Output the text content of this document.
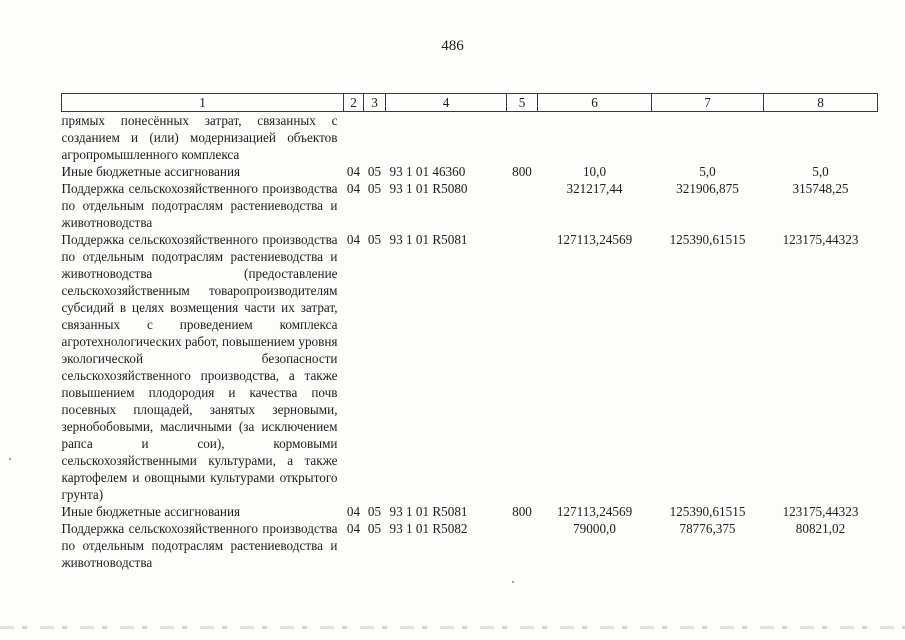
486
1	2	3	4	5	6	7	8
прямых понесённых затрат, связанных с созданием и (или) модернизацией объектов агропромышленного комплекса							
Иные бюджетные ассигнования	04	05	93 1 01 46360	800	10,0	5,0	5,0
Поддержка сельскохозяйственного производства по отдельным подотраслям растениеводства и животноводства	04	05	93 1 01 R5080		321217,44	321906,875	315748,25
Поддержка сельскохозяйственного производства по отдельным подотраслям растениеводства и животноводства (предоставление сельскохозяйственным товаропроизводителям субсидий в целях возмещения части их затрат, связанных с проведением комплекса агротехнологических работ, повышением уровня экологической безопасности сельскохозяйственного производства, а также повышением плодородия и качества почв посевных площадей, занятых зерновыми, зернобобовыми, масличными (за исключением рапса и сои), кормовыми сельскохозяйственными культурами, а также картофелем и овощными культурами открытого грунта)	04	05	93 1 01 R5081		127113,24569	125390,61515	123175,44323
Иные бюджетные ассигнования	04	05	93 1 01 R5081	800	127113,24569	125390,61515	123175,44323
Поддержка сельскохозяйственного производства по отдельным подотраслям растениеводства и животноводства	04	05	93 1 01 R5082		79000,0	78776,375	80821,02
